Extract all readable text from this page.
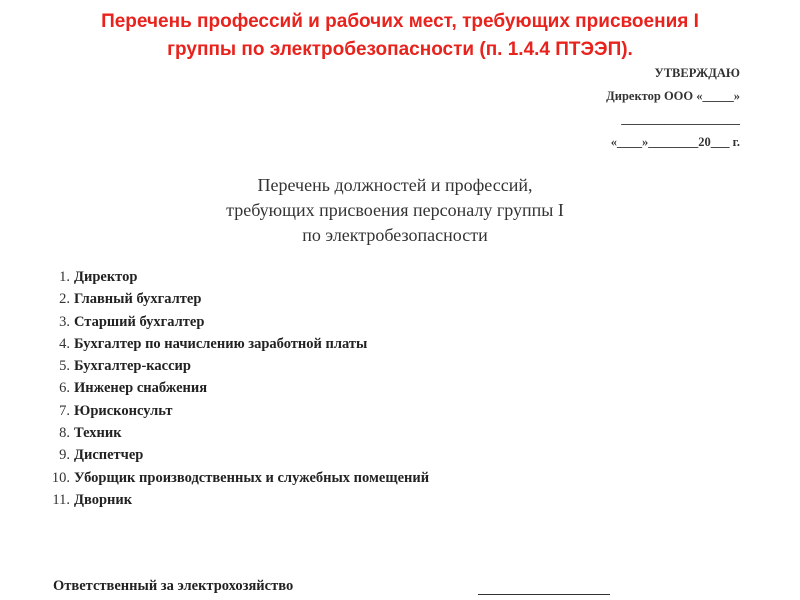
Перечень профессий и рабочих мест, требующих присвоения I
группы по электробезопасности (п. 1.4.4 ПТЭЭП).
УТВЕРЖДАЮ
Директор ООО «_____»
___________________
«____»________20___ г.
Перечень должностей и профессий,
требующих присвоения персоналу группы I
по электробезопасности
1. Директор
2. Главный бухгалтер
3. Старший бухгалтер
4. Бухгалтер по начислению заработной платы
5. Бухгалтер-кассир
6. Инженер снабжения
7. Юрисконсульт
8. Техник
9. Диспетчер
10. Уборщик производственных и служебных помещений
11. Дворник
Ответственный за электрохозяйство
